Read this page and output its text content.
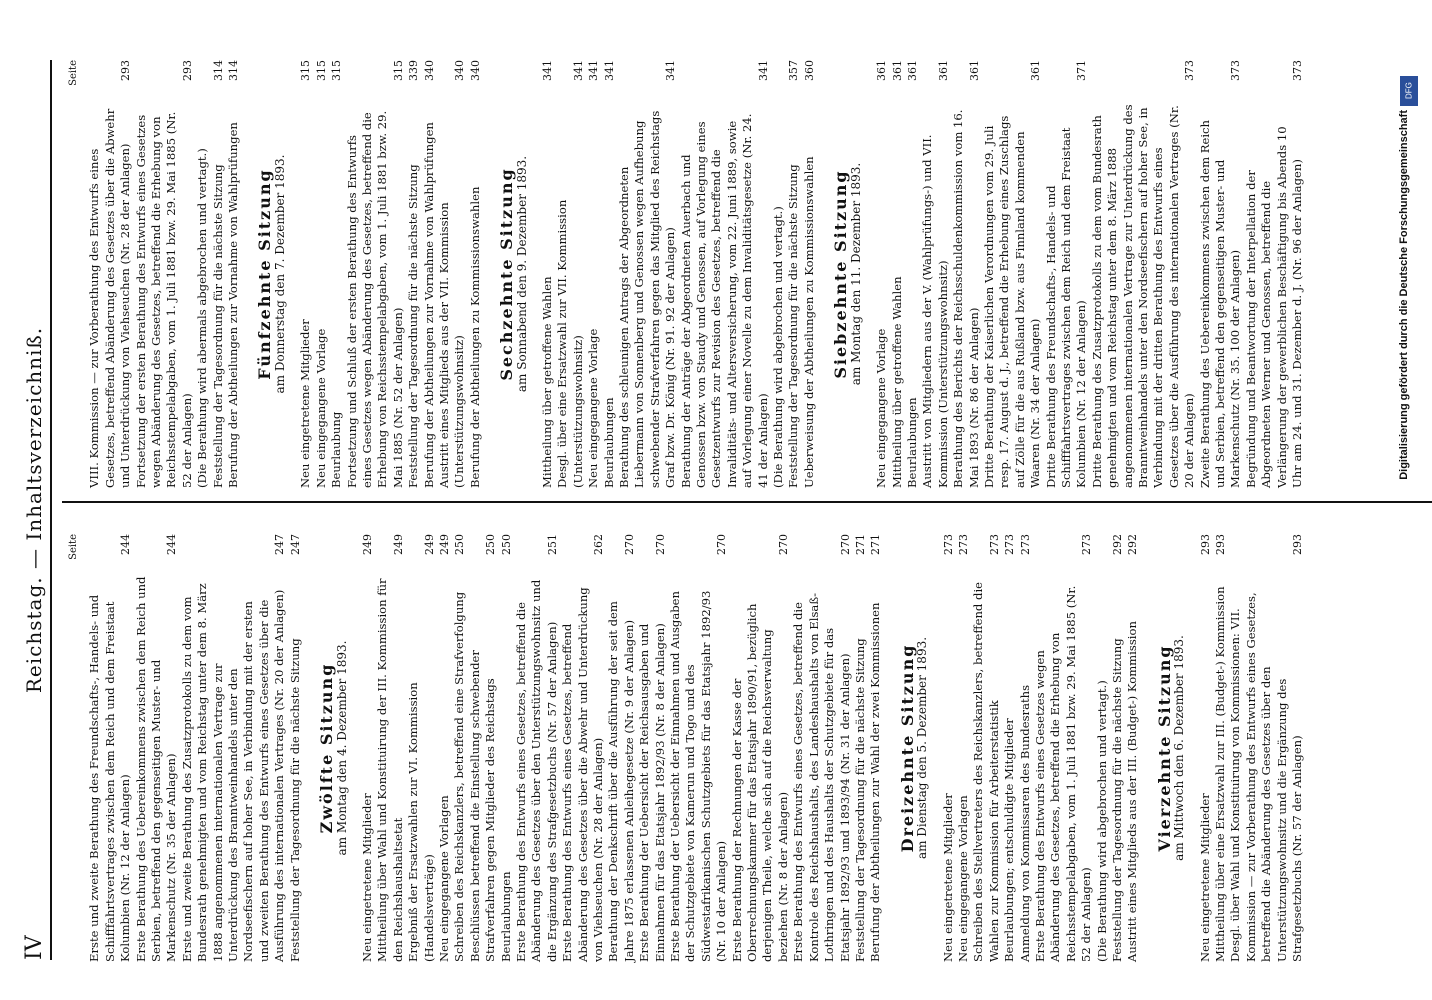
IV
Reichstag. — Inhaltsverzeichniß. Seite
Erste und zweite Berathung des Freundschafts-, Handels- und Schifffahrtsvertrages zwischen dem Reich und dem Freistaat Kolumbien (Nr. 12 der Anlagen)
244
Erste Berathung des Uebereinkommens zwischen dem Reich und Serbien, betreffend den gegenseitigen Muster- und Markenschutz (Nr. 35 der Anlagen)
244
Erste und zweite Berathung des Zusatzprotokolls zu dem vom Bundesrath genehmigten und vom Reichstag unter dem 8. März 1888 angenommenen internationalen Vertrage zur Unterdrückung des Branntweinhandels unter den Nordseefischern auf hoher See, in Verbindung mit der ersten und zweiten Berathung des Entwurfs eines Gesetzes über die Ausführung des internationalen Vertrages (Nr. 20 der Anlagen)
247
Feststellung der Tagesordnung für die nächste Sitzung
247
Zwölfte Sitzung
am Montag den 4. Dezember 1893.
Neu eingetretene Mitglieder
249
Mittheilung über Wahl und Konstituirung der III. Kommission für den Reichshaushaltsetat
249
Ergebniß der Ersatzwahlen zur VI. Kommission (Handelsverträge)
249
Neu eingegangene Vorlagen
249
Schreiben des Reichskanzlers, betreffend eine Strafverfolgung
250
Beschlüssen betreffend die Einstellung schwebender Strafverfahren gegen Mitglieder des Reichstags
250
Beurlaubungen
250
Erste Berathung des Entwurfs eines Gesetzes, betreffend die Abänderung des Gesetzes über den Unterstützungswohnsitz und die Ergänzung des Strafgesetzbuchs (Nr. 57 der Anlagen)
251
Erste Berathung des Entwurfs eines Gesetzes, betreffend Abänderung des Gesetzes über die Abwehr und Unterdrückung von Viehseuchen (Nr. 28 der Anlagen)
262
Berathung der Denkschrift über die Ausführung der seit dem Jahre 1875 erlassenen Anleihegesetze (Nr. 9 der Anlagen)
270
Erste Berathung der Uebersicht der Reichsausgaben und Einnahmen für das Etatsjahr 1892/93 (Nr. 8 der Anlagen)
270
Erste Berathung der Uebersicht der Einnahmen und Ausgaben der Schutzgebiete von Kamerun und Togo und des Südwestafrikanischen Schutzgebiets für das Etatsjahr 1892/93 (Nr. 10 der Anlagen)
270
Erste Berathung der Rechnungen der Kasse der Oberrechnungskammer für das Etatsjahr 1890/91, bezüglich derjenigen Theile, welche sich auf die Reichsverwaltung beziehen (Nr. 8 der Anlagen)
270
Erste Berathung des Entwurfs eines Gesetzes, betreffend die Kontrole des Reichshaushalts, des Landeshaushalts von Elsaß-Lothringen und des Haushalts der Schutzgebiete für das Etatsjahr 1892/93 und 1893/94 (Nr. 31 der Anlagen)
270
Feststellung der Tagesordnung für die nächste Sitzung
271
Berufung der Abtheilungen zur Wahl der zwei Kommissionen
271
Dreizehnte Sitzung
am Dienstag den 5. Dezember 1893.
Neu eingetretene Mitglieder
273
Neu eingegangene Vorlagen
273
Schreiben des Stellvertreters des Reichskanzlers, betreffend die Wahlen zur Kommission für Arbeiterstatistik
273
Beurlaubungen; entschuldigte Mitglieder
273
Anmeldung von Kommissaren des Bundesraths
273
Erste Berathung des Entwurfs eines Gesetzes wegen Abänderung des Gesetzes, betreffend die Erhebung von Reichsstempelabgaben, vom 1. Juli 1881 bzw. 29. Mai 1885 (Nr. 52 der Anlagen)
273
(Die Berathung wird abgebrochen und vertagt.) Feststellung der Tagesordnung für die nächste Sitzung
292
Austritt eines Mitglieds aus der III. (Budget-) Kommission
292
Vierzehnte Sitzung
am Mittwoch den 6. Dezember 1893.
Neu eingetretene Mitglieder
293
Mittheilung über eine Ersatzwahl zur III. (Budget-) Kommission
293
Desgl. über Wahl und Konstituirung von Kommissionen: VII. Kommission — zur Vorberathung des Entwurfs eines Gesetzes, betreffend die Abänderung des Gesetzes über den Unterstützungswohnsitz und die Ergänzung des Strafgesetzbuchs (Nr. 57 der Anlagen)
293
Seite
VIII. Kommission — zur Vorberathung des Entwurfs eines Gesetzes, betreffend Abänderung des Gesetzes über die Abwehr und Unterdrückung von Viehseuchen (Nr. 28 der Anlagen)
293
Fortsetzung der ersten Berathung des Entwurfs eines Gesetzes wegen Abänderung des Gesetzes, betreffend die Erhebung von Reichsstempelabgaben, vom 1. Juli 1881 bzw. 29. Mai 1885 (Nr. 52 der Anlagen)
293
(Die Berathung wird abermals abgebrochen und vertagt.) Feststellung der Tagesordnung für die nächste Sitzung
314
Berufung der Abtheilungen zur Vornahme von Wahlprüfungen
314
Fünfzehnte Sitzung
am Donnerstag den 7. Dezember 1893.
Neu eingetretene Mitglieder
315
Neu eingegangene Vorlage
315
Beurlaubung
315
Fortsetzung und Schluß der ersten Berathung des Entwurfs eines Gesetzes wegen Abänderung des Gesetzes, betreffend die Erhebung von Reichsstempelabgaben, vom 1. Juli 1881 bzw. 29. Mai 1885 (Nr. 52 der Anlagen)
315
Feststellung der Tagesordnung für die nächste Sitzung
339
Berufung der Abtheilungen zur Vornahme von Wahlprüfungen
340
Austritt eines Mitglieds aus der VII. Kommission (Unterstützungswohnsitz)
340
Berufung der Abtheilungen zu Kommissionswahlen
340
Sechzehnte Sitzung
am Sonnabend den 9. Dezember 1893. Mittheilung über getroffene Wahlen
341
Desgl. über eine Ersatzwahl zur VII. Kommission (Unterstützungswohnsitz)
341
Neu eingegangene Vorlage
341
Beurlaubungen
341
Berathung des schleunigen Antrags der Abgeordneten Liebermann von Sonnenberg und Genossen wegen Aufhebung schwebender Strafverfahren gegen das Mitglied des Reichstags Graf bzw. Dr. König (Nr. 91. 92 der Anlagen)
341
Berathung der Anträge der Abgeordneten Auerbach und Genossen bzw. von Staudy und Genossen, auf Vorlegung eines Gesetzentwurfs zur Revision des Gesetzes, betreffend die Invaliditäts- und Altersversicherung, vom 22. Juni 1889, sowie auf Vorlegung einer Novelle zu dem Invaliditätsgesetze (Nr. 24. 41 der Anlagen)
341
(Die Berathung wird abgebrochen und vertagt.) Feststellung der Tagesordnung für die nächste Sitzung
357
Ueberweisung der Abtheilungen zu Kommissionswahlen
360
Siebzehnte Sitzung
am Montag den 11. Dezember 1893.
Neu eingegangene Vorlage
361
Mittheilung über getroffene Wahlen
361
Beurlaubungen
361
Austritt von Mitgliedern aus der V. (Wahlprüfungs-) und VII. Kommission (Unterstützungswohnsitz)
361
Berathung des Berichts der Reichsschuldenkommission vom 16. Mai 1893 (Nr. 86 der Anlagen)
361
Dritte Berathung der Kaiserlichen Verordnungen vom 29. Juli resp. 17. August d. J., betreffend die Erhebung eines Zuschlags auf Zölle für die aus Rußland bzw. aus Finnland kommenden Waaren (Nr. 34 der Anlagen)
361
Dritte Berathung des Freundschafts-, Handels- und Schifffahrtsvertrages zwischen dem Reich und dem Freistaat Kolumbien (Nr. 12 der Anlagen)
371
Dritte Berathung des Zusatzprotokolls zu dem vom Bundesrath genehmigten und vom Reichstag unter dem 8. März 1888 angenommenen internationalen Vertrage zur Unterdrückung des Branntweinhandels unter den Nordseefischern auf hoher See, in Verbindung mit der dritten Berathung des Entwurfs eines Gesetzes über die Ausführung des internationalen Vertrages (Nr. 20 der Anlagen)
373
Zweite Berathung des Uebereinkommens zwischen dem Reich und Serbien, betreffend den gegenseitigen Muster- und Markenschutz (Nr. 35. 100 der Anlagen)
373
Begründung und Beantwortung der Interpellation der Abgeordneten Werner und Genossen, betreffend die Verlängerung der gewerblichen Beschäftigung bis Abends 10 Uhr am 24. und 31. Dezember d. J. (Nr. 96 der Anlagen)
373
DFG
Digitalisierung gefördert durch die Deutsche Forschungsgemeinschaft
